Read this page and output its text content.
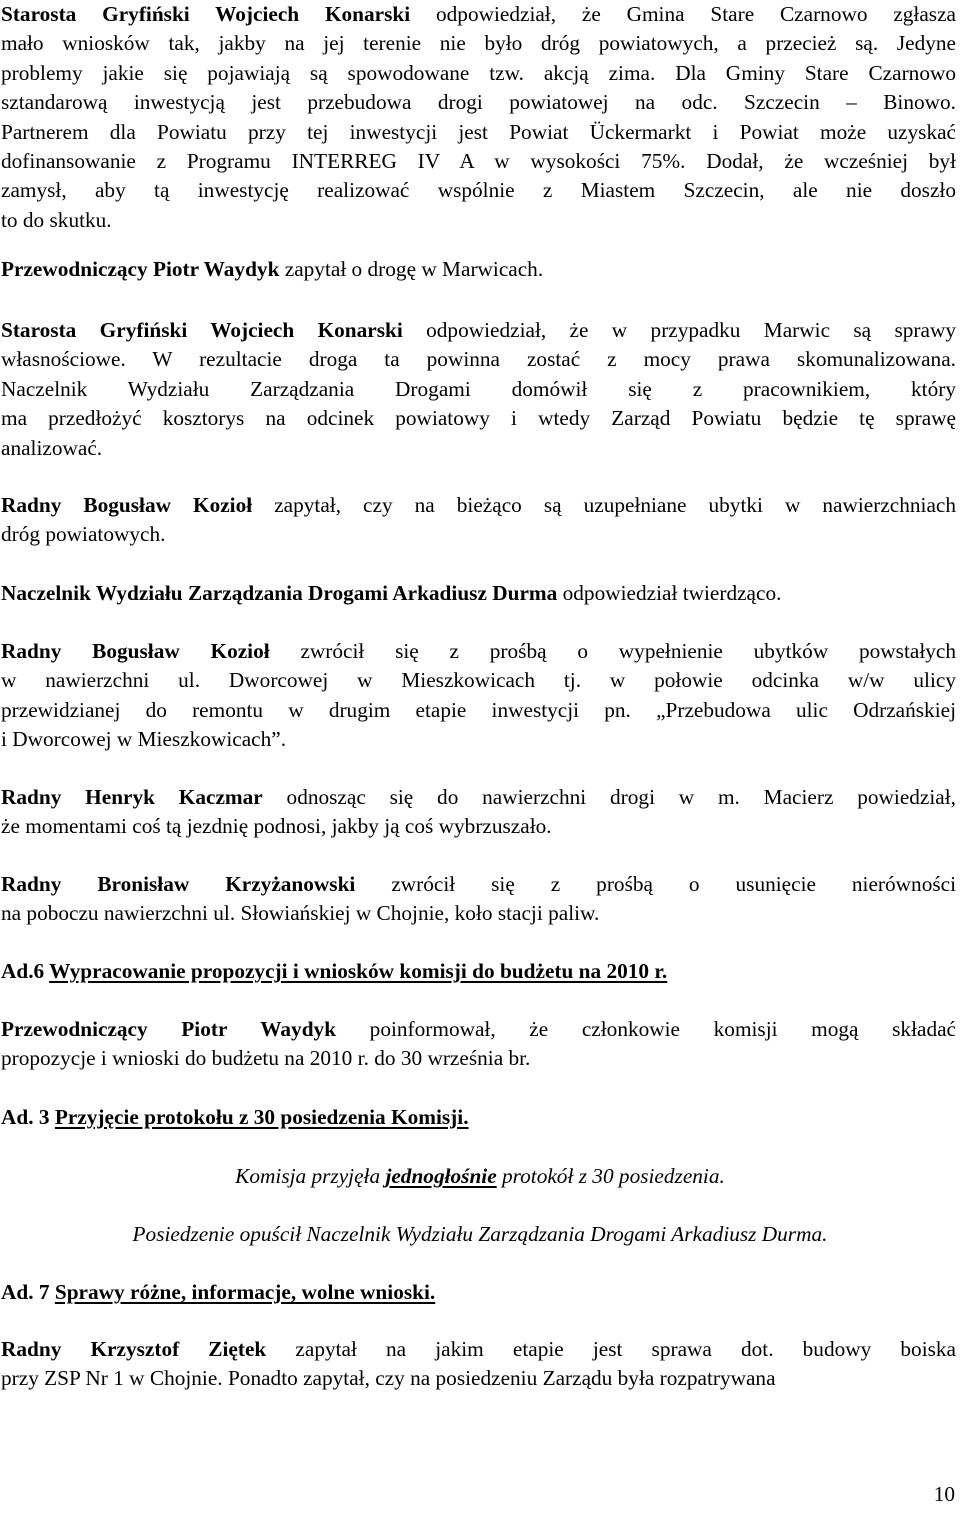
Starosta Gryfiński Wojciech Konarski odpowiedział, że Gmina Stare Czarnowo zgłasza
mało wniosków tak, jakby na jej terenie nie było dróg powiatowych, a przecież są. Jedyne
problemy jakie się pojawiają są spowodowane tzw. akcją zima. Dla Gminy Stare Czarnowo
sztandarową inwestycją jest przebudowa drogi powiatowej na odc. Szczecin – Binowo.
Partnerem dla Powiatu przy tej inwestycji jest Powiat Ückermarkt i Powiat może uzyskać
dofinansowanie z Programu INTERREG IV A w wysokości 75%. Dodał, że wcześniej był
zamysł, aby tą inwestycję realizować wspólnie z Miastem Szczecin, ale nie doszło
to do skutku.
Przewodniczący Piotr Waydyk zapytał o drogę w Marwicach.
Starosta Gryfiński Wojciech Konarski odpowiedział, że w przypadku Marwic są sprawy
własnościowe. W rezultacie droga ta powinna zostać z mocy prawa skomunalizowana.
Naczelnik Wydziału Zarządzania Drogami domówił się z pracownikiem, który
ma przedłożyć kosztorys na odcinek powiatowy i wtedy Zarząd Powiatu będzie tę sprawę
analizować.
Radny Bogusław Kozioł zapytał, czy na bieżąco są uzupełniane ubytki w nawierzchniach
dróg powiatowych.
Naczelnik Wydziału Zarządzania Drogami Arkadiusz Durma odpowiedział twierdząco.
Radny Bogusław Kozioł zwrócił się z prośbą o wypełnienie ubytków powstałych
w nawierzchni ul. Dworcowej w Mieszkowicach tj. w połowie odcinka w/w ulicy
przewidzianej do remontu w drugim etapie inwestycji pn. „Przebudowa ulic Odrzańskiej
i Dworcowej w Mieszkowicach”.
Radny Henryk Kaczmar odnosząc się do nawierzchni drogi w m. Macierz powiedział,
że momentami coś tą jezdnię podnosi, jakby ją coś wybrzuszało.
Radny Bronisław Krzyżanowski zwrócił się z prośbą o usunięcie nierówności
na poboczu nawierzchni ul. Słowiańskiej w Chojnie, koło stacji paliw.
Ad.6 Wypracowanie propozycji i wniosków komisji do budżetu na 2010 r.
Przewodniczący Piotr Waydyk poinformował, że członkowie komisji mogą składać
propozycje i wnioski do budżetu na 2010 r. do 30 września br.
Ad. 3 Przyjęcie protokołu z 30 posiedzenia Komisji.
Komisja przyjęła jednogłośnie protokół z 30 posiedzenia.
Posiedzenie opuścił Naczelnik Wydziału Zarządzania Drogami Arkadiusz Durma.
Ad. 7 Sprawy różne, informacje, wolne wnioski.
Radny Krzysztof Ziętek zapytał na jakim etapie jest sprawa dot. budowy boiska
przy ZSP Nr 1 w Chojnie. Ponadto zapytał, czy na posiedzeniu Zarządu była rozpatrywana
10
